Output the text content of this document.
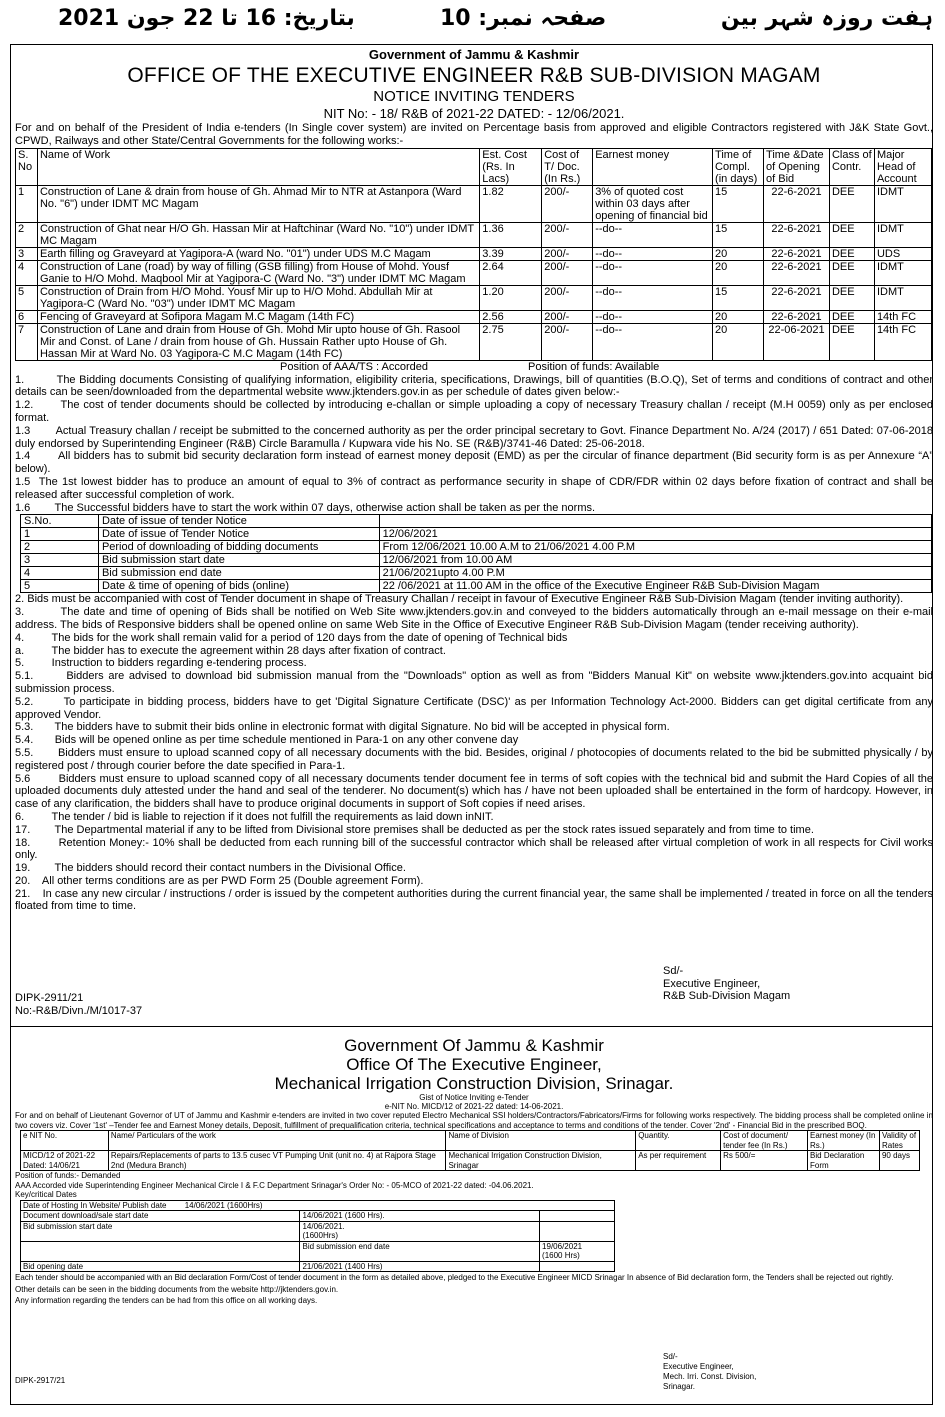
بتاریخ: 16 تا 22 جون 2021	صفحہ نمبر: 10	ہفت روزہ شہر بین
Government of Jammu & Kashmir
OFFICE OF THE EXECUTIVE ENGINEER R&B SUB-DIVISION MAGAM
NOTICE INVITING TENDERS
NIT No: - 18/ R&B of 2021-22 DATED: - 12/06/2021.
For and on behalf of the President of India e-tenders (In Single cover system) are invited on Percentage basis from approved and eligible Contractors registered with J&K State Govt., CPWD, Railways and other State/Central Governments for the following works:-
S. No	Name of Work	Est. Cost (Rs. In Lacs)	Cost of T/ Doc. (In Rs.)	Earnest money	Time of Compl. (in days)	Time &Date of Opening of Bid	Class of Contr.	Major Head of Account
1	Construction of Lane & drain from house of Gh. Ahmad Mir to NTR at Astanpora (Ward No. "6") under IDMT MC Magam	1.82	200/-	3% of quoted cost within 03 days after opening of financial bid	15	22-6-2021	DEE	IDMT
2	Construction of Ghat near H/O Gh. Hassan Mir at Haftchinar (Ward No. "10") under IDMT MC Magam	1.36	200/-	--do--	15	22-6-2021	DEE	IDMT
3	Earth filling og Graveyard at Yagipora-A (ward No. "01") under UDS M.C Magam	3.39	200/-	--do--	20	22-6-2021	DEE	UDS
4	Construction of Lane (road) by way of filling (GSB filling) from House of Mohd. Yousf Ganie to H/O Mohd. Maqbool Mir at Yagipora-C (Ward No. "3") under IDMT MC Magam	2.64	200/-	--do--	20	22-6-2021	DEE	IDMT
5	Construction of Drain from H/O Mohd. Yousf Mir up to H/O Mohd. Abdullah Mir at Yagipora-C (Ward No. "03") under IDMT MC Magam	1.20	200/-	--do--	15	22-6-2021	DEE	IDMT
6	Fencing of Graveyard at Sofipora Magam M.C Magam (14th FC)	2.56	200/-	--do--	20	22-6-2021	DEE	14th FC
7	Construction of Lane and drain from House of Gh. Mohd Mir upto house of Gh. Rasool Mir and Const. of Lane / drain from house of Gh. Hussain Rather upto House of Gh. Hassan Mir at Ward No. 03 Yagipora-C M.C Magam (14th FC)	2.75	200/-	--do--	20	22-06-2021	DEE	14th FC
Position of AAA/TS : Accorded	Position of funds: Available
1.         The Bidding documents Consisting of qualifying information, eligibility criteria, specifications, Drawings, bill of quantities (B.O.Q), Set of terms and conditions of contract and other details can be seen/downloaded from the departmental website www.jktenders.gov.in as per schedule of dates given below:-
1.2.       The cost of tender documents should be collected by introducing e-challan or simple uploading a copy of necessary Treasury challan / receipt (M.H 0059) only as per enclosed format.
1.3        Actual Treasury challan / receipt be submitted to the concerned authority as per the order principal secretary to Govt. Finance Department No. A/24 (2017) / 651 Dated: 07-06-2018 duly endorsed by Superintending Engineer (R&B) Circle Baramulla / Kupwara vide his No. SE (R&B)/3741-46 Dated: 25-06-2018.
1.4        All bidders has to submit bid security declaration form instead of earnest money deposit (EMD) as per the circular of finance department (Bid security form is as per Annexure “A” below).
1.5  The 1st lowest bidder has to produce an amount of equal to 3% of contract as performance security in shape of CDR/FDR within 02 days before fixation of contract and shall be released after successful completion of work.
1.6        The Successful bidders have to start the work within 07 days, otherwise action shall be taken as per the norms.
S.No.	Date of issue of tender Notice	
1	Date of issue of Tender Notice	12/06/2021
2	Period of downloading of bidding documents	From 12/06/2021 10.00 A.M to 21/06/2021 4.00 P.M
3	Bid submission start date	12/06/2021 from 10.00 AM
4	Bid submission end date	21/06/2021upto 4.00 P.M
5	Date & time of opening of bids (online)	22 /06/2021 at 11.00 AM in the office of the Executive Engineer R&B Sub-Division Magam
2. Bids must be accompanied with cost of Tender document in shape of Treasury Challan / receipt in favour of Executive Engineer R&B Sub-Division Magam (tender inviting authority).
3.         The date and time of opening of Bids shall be notified on Web Site www.jktenders.gov.in and conveyed to the bidders automatically through an e-mail message on their e-mail address. The bids of Responsive bidders shall be opened online on same Web Site in the Office of Executive Engineer R&B Sub-Division Magam (tender receiving authority).
4.         The bids for the work shall remain valid for a period of 120 days from the date of opening of Technical bids
a.         The bidder has to execute the agreement within 28 days after fixation of contract.
5.         Instruction to bidders regarding e-tendering process.
5.1.       Bidders are advised to download bid submission manual from the "Downloads" option as well as from "Bidders Manual Kit" on website www.jktenders.gov.into acquaint bid submission process.
5.2.       To participate in bidding process, bidders have to get 'Digital Signature Certificate (DSC)' as per Information Technology Act-2000. Bidders can get digital certificate from any approved Vendor.
5.3.       The bidders have to submit their bids online in electronic format with digital Signature. No bid will be accepted in physical form.
5.4.       Bids will be opened online as per time schedule mentioned in Para-1 on any other convene day
5.5.       Bidders must ensure to upload scanned copy of all necessary documents with the bid. Besides, original / photocopies of documents related to the bid be submitted physically / by registered post / through courier before the date specified in Para-1.
5.6        Bidders must ensure to upload scanned copy of all necessary documents tender document fee in terms of soft copies with the technical bid and submit the Hard Copies of all the uploaded documents duly attested under the hand and seal of the tenderer. No document(s) which has / have not been uploaded shall be entertained in the form of hardcopy. However, in case of any clarification, the bidders shall have to produce original documents in support of Soft copies if need arises.
6.         The tender / bid is liable to rejection if it does not fulfill the requirements as laid down inNIT.
17.        The Departmental material if any to be lifted from Divisional store premises shall be deducted as per the stock rates issued separately and from time to time.
18.        Retention Money:- 10% shall be deducted from each running bill of the successful contractor which shall be released after virtual completion of work in all respects for Civil works only.
19.        The bidders should record their contact numbers in the Divisional Office.
20.    All other terms conditions are as per PWD Form 25 (Double agreement Form).
21.    In case any new circular / instructions / order is issued by the competent authorities during the current financial year, the same shall be implemented / treated in force on all the tenders floated from time to time.
Sd/-
Executive Engineer,
R&B Sub-Division Magam
DIPK-2911/21
No:-R&B/Divn./M/1017-37
Government Of Jammu & Kashmir
Office Of The Executive Engineer,
Mechanical Irrigation Construction Division, Srinagar.
Gist of Notice Inviting e-Tender
e-NIT No. MICD/12 of 2021-22 dated: 14-06-2021.
For and on behalf of Lieutenant Governor of UT of Jammu and Kashmir e-tenders are invited in two cover reputed Electro Mechanical SSI holders/Contractors/Fabricators/Firms for following works respectively. The bidding process shall be completed online in two covers viz. Cover '1st' –Tender fee and Earnest Money details, Deposit, fulfillment of prequalification criteria, technical specifications and acceptance to terms and conditions of the tender. Cover '2nd' - Financial Bid in the prescribed BOQ.
e NIT No.	Name/ Particulars of the work	Name of Division	Quantity.	Cost of document/ tender fee (In Rs.)	Earnest money (In Rs.)	Validity of Rates
MICD/12 of 2021-22 Dated: 14/06/21	Repairs/Replacements of parts to 13.5 cusec VT Pumping Unit (unit no. 4) at Rajpora Stage 2nd (Medura Branch)	Mechanical Irrigation Construction Division, Srinagar	As per requirement	Rs 500/=	Bid Declaration Form	90 days
Position of funds:- Demanded
AAA Accorded vide Superintending Engineer Mechanical Circle I & F.C Department Srinagar's Order No: - 05-MCO of 2021-22 dated: -04.06.2021.
Key/critical Dates
Date of Hosting In Website/ Publish date 14/06/2021 (1600Hrs)		
Document download/sale start date	14/06/2021 (1600 Hrs).	
Bid submission start date	14/06/2021.
(1600Hrs)	

	Bid submission end date	19/06/2021
(1600 Hrs)

Bid opening date	21/06/2021 (1400 Hrs)	
Each tender should be accompanied with an Bid declaration Form/Cost of tender document in the form as detailed above, pledged to the Executive Engineer MICD Srinagar In absence of Bid declaration form, the Tenders shall be rejected out rightly.
Other details can be seen in the bidding documents from the website http://jktenders.gov.in.
Any information regarding the tenders can be had from this office on all working days.
Sd/-
Executive Engineer,
Mech. Irri. Const. Division,
Srinagar.
DIPK-2917/21
